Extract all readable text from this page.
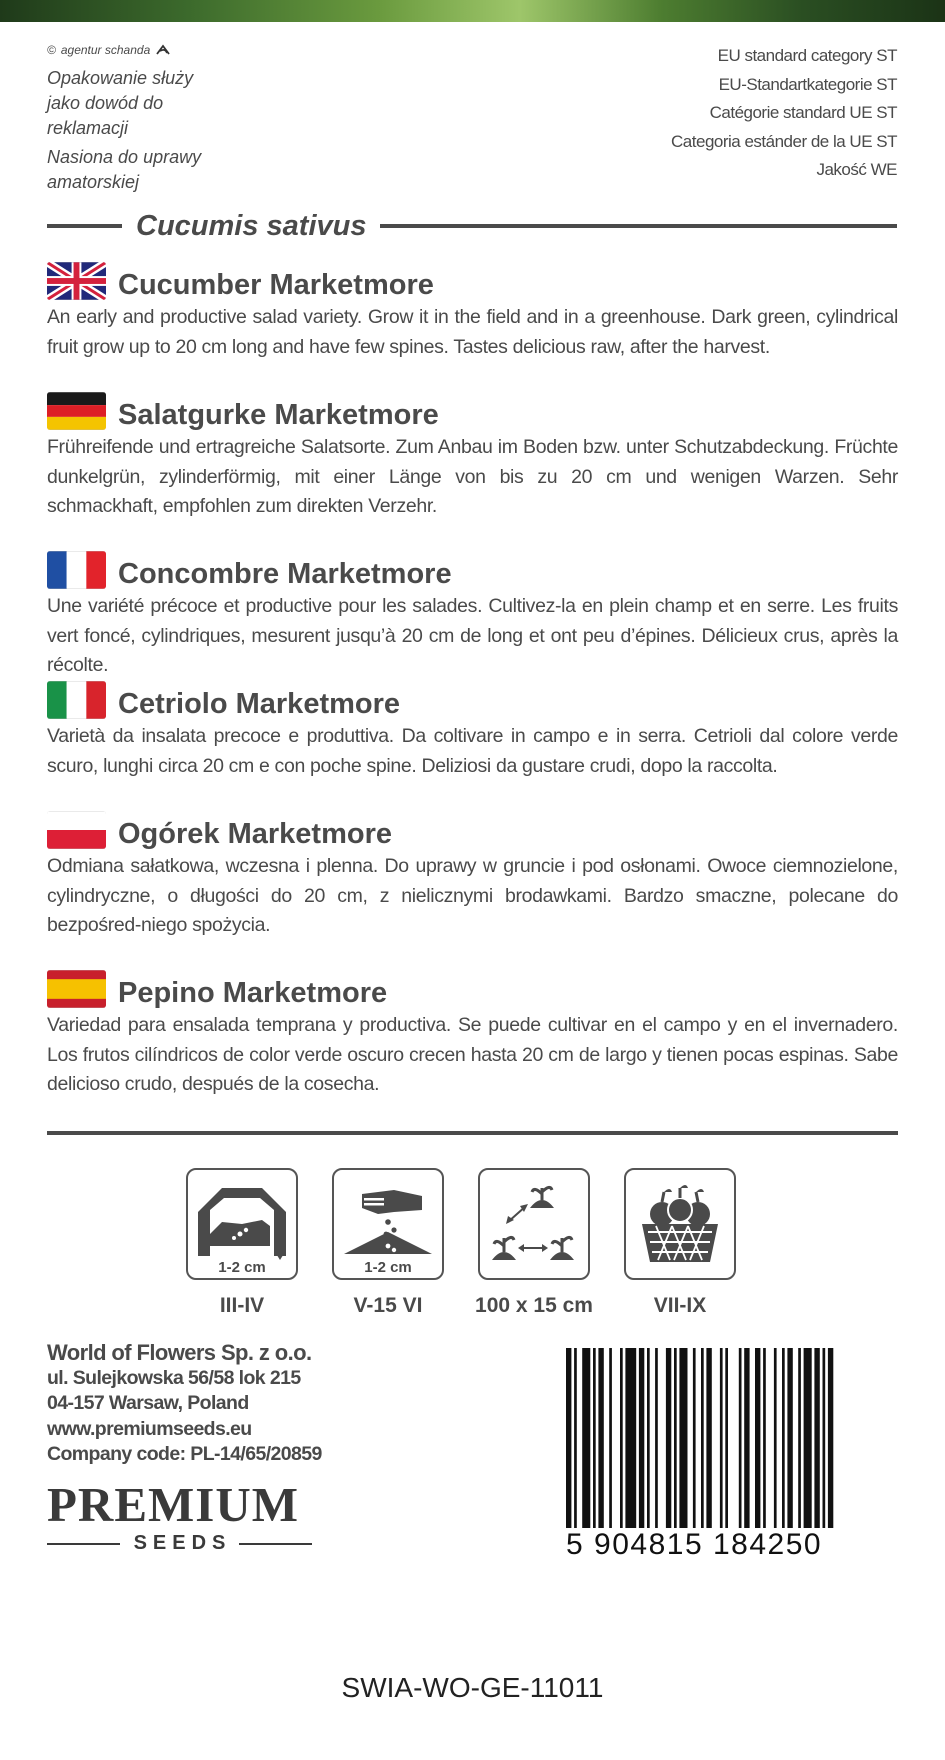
© agentur schanda

Opakowanie służy jako dowód do reklamacji

Nasiona do uprawy amatorskiej

EU standard category ST
EU-Standartkategorie ST
Catégorie standard UE ST
Categoria estánder de la UE ST
Jakość WE
Cucumis sativus
Cucumber Marketmore

An early and productive salad variety. Grow it in the field and in a greenhouse. Dark green, cylindrical fruit grow up to 20 cm long and have few spines. Tastes delicious raw, after the harvest.

Salatgurke Marketmore

Frühreifende und ertragreiche Salatsorte. Zum Anbau im Boden bzw. unter Schutzabdeckung. Früchte dunkelgrün, zylinderförmig, mit einer Länge von bis zu 20 cm und wenigen Warzen. Sehr schmackhaft, empfohlen zum direkten Verzehr.

Concombre Marketmore

Une variété précoce et productive pour les salades. Cultivez-la en plein champ et en serre. Les fruits vert foncé, cylindriques, mesurent jusqu’à 20 cm de long et ont peu d’épines. Délicieux crus, après la récolte.

Cetriolo Marketmore

Varietà da insalata precoce e produttiva. Da coltivare in campo e in serra. Cetrioli dal colore verde scuro, lunghi circa 20 cm e con poche spine. Deliziosi da gustare crudi, dopo la raccolta.

Ogórek Marketmore

Odmiana sałatkowa, wczesna i plenna. Do uprawy w gruncie i pod osłonami. Owoce ciemnozielone, cylindryczne, o długości do 20 cm, z nielicznymi brodawkami. Bardzo smaczne, polecane do bezpośred-niego spożycia.

Pepino Marketmore

Variedad para ensalada temprana y productiva. Se puede cultivar en el campo y en el invernadero. Los frutos cilíndricos de color verde oscuro crecen hasta 20 cm de largo y tienen pocas espinas. Sabe delicioso crudo, después de la cosecha.

1-2 cm
III-IV
1-2 cm
V-15 VI	100 x 15 cm	VII-IX
World of Flowers Sp. z o.o.
ul. Sulejkowska 56/58 lok 215
04-157 Warsaw, Poland
www.premiumseeds.eu
Company code: PL-14/65/20859
PREMIUM
SEEDS	5 904815 184250
SWIA-WO-GE-11011
